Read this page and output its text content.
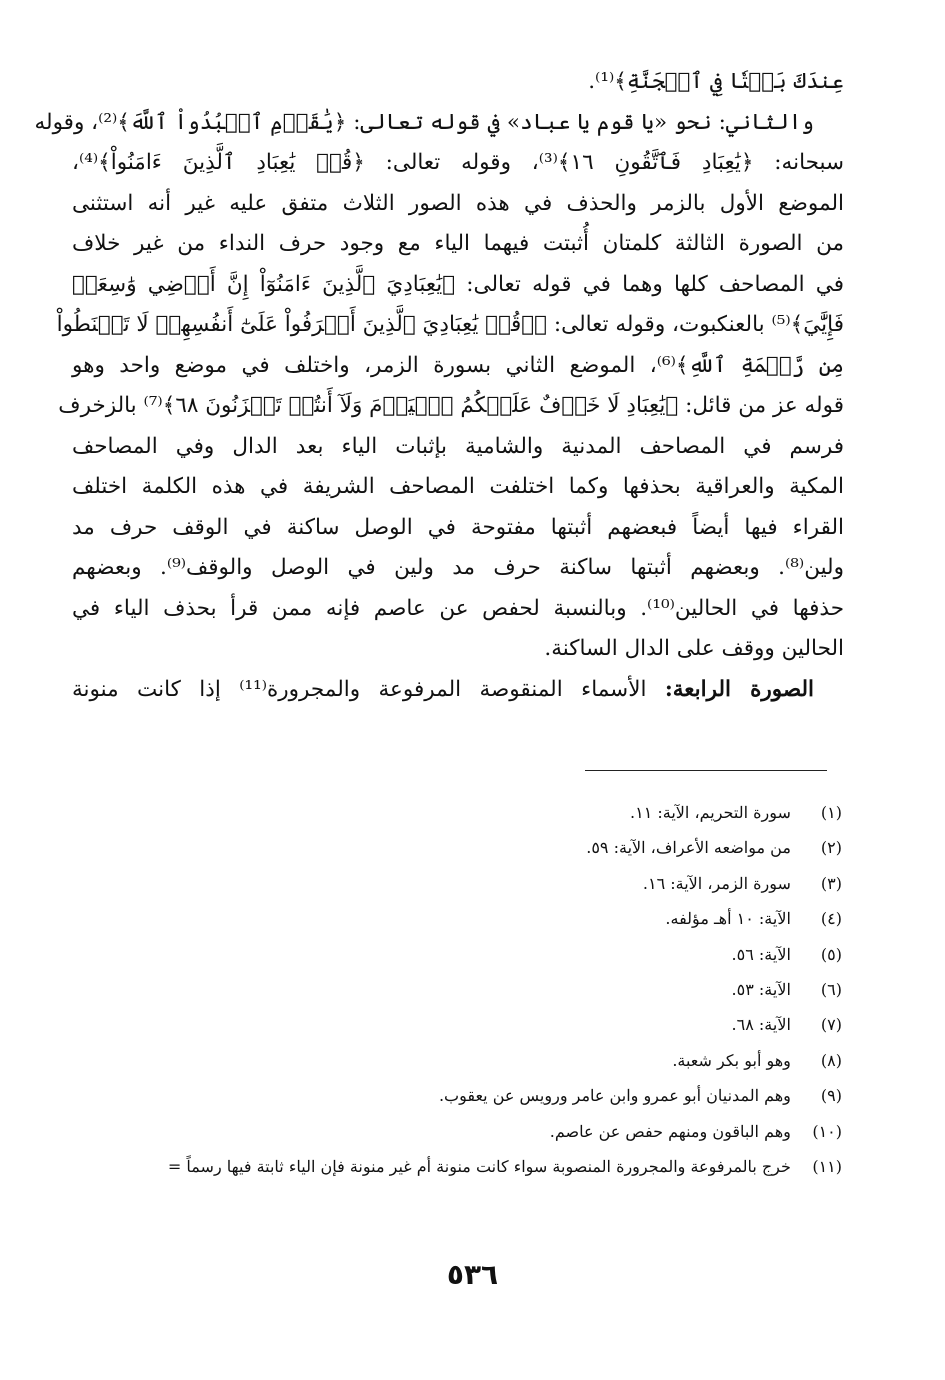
عِندَكَ بَيۡتٗا فِي ٱلۡجَنَّةِ﴾⁽¹⁾.
والثاني: نحو «يا قوم يا عباد» في قوله تعالى: ﴿يَٰقَوۡمِ ٱعۡبُدُواْ ٱللَّهَ﴾⁽²⁾، وقوله
سبحانه: ﴿يَٰعِبَادِ فَٱتَّقُونِ ١٦﴾⁽³⁾، وقوله تعالى: ﴿قُلۡ يَٰعِبَادِ ٱلَّذِينَ ءَامَنُواْ﴾⁽⁴⁾،
الموضع الأول بالزمر والحذف في هذه الصور الثلاث متفق عليه غير أنه استثنى
من الصورة الثالثة كلمتان أُثبتت فيهما الياء مع وجود حرف النداء من غير خلاف
في المصاحف كلها وهما في قوله تعالى: ﴿يَٰعِبَادِيَ ٱلَّذِينَ ءَامَنُوٓاْ إِنَّ أَرۡضِي وَٰسِعَةٞ
فَإِيَّٰيَ﴾⁽⁵⁾ بالعنكبوت، وقوله تعالى: ﴿۞قُلۡ يَٰعِبَادِيَ ٱلَّذِينَ أَسۡرَفُواْ عَلَىٰٓ أَنفُسِهِمۡ لَا تَقۡنَطُواْ
مِن رَّحۡمَةِ ٱللَّهِ﴾⁽⁶⁾، الموضع الثاني بسورة الزمر، واختلف في موضع واحد وهو
قوله عز من قائل: ﴿يَٰعِبَادِ لَا خَوۡفٌ عَلَيۡكُمُ ٱلۡيَوۡمَ وَلَآ أَنتُمۡ تَحۡزَنُونَ ٦٨﴾⁽⁷⁾ بالزخرف
فرسم في المصاحف المدنية والشامية بإثبات الياء بعد الدال وفي المصاحف
المكية والعراقية بحذفها وكما اختلفت المصاحف الشريفة في هذه الكلمة اختلف
القراء فيها أيضاً فبعضهم أثبتها مفتوحة في الوصل ساكنة في الوقف حرف مد
ولين⁽⁸⁾. وبعضهم أثبتها ساكنة حرف مد ولين في الوصل والوقف⁽⁹⁾. وبعضهم
حذفها في الحالين⁽¹⁰⁾. وبالنسبة لحفص عن عاصم فإنه ممن قرأ بحذف الياء في
الحالين ووقف على الدال الساكنة.
الصورة الرابعة: الأسماء المنقوصة المرفوعة والمجرورة⁽¹¹⁾ إذا كانت منونة
(١) سورة التحريم، الآية: ١١.
(٢) من مواضعه الأعراف، الآية: ٥٩.
(٣) سورة الزمر، الآية: ١٦.
(٤) الآية: ١٠ أهـ مؤلفه.
(٥) الآية: ٥٦.
(٦) الآية: ٥٣.
(٧) الآية: ٦٨.
(٨) وهو أبو بكر شعبة.
(٩) وهم المدنيان أبو عمرو وابن عامر ورويس عن يعقوب.
(١٠) وهم الباقون ومنهم حفص عن عاصم.
(١١) خرج بالمرفوعة والمجرورة المنصوبة سواء كانت منونة أم غير منونة فإن الياء ثابتة فيها رسماً =
٥٣٦
